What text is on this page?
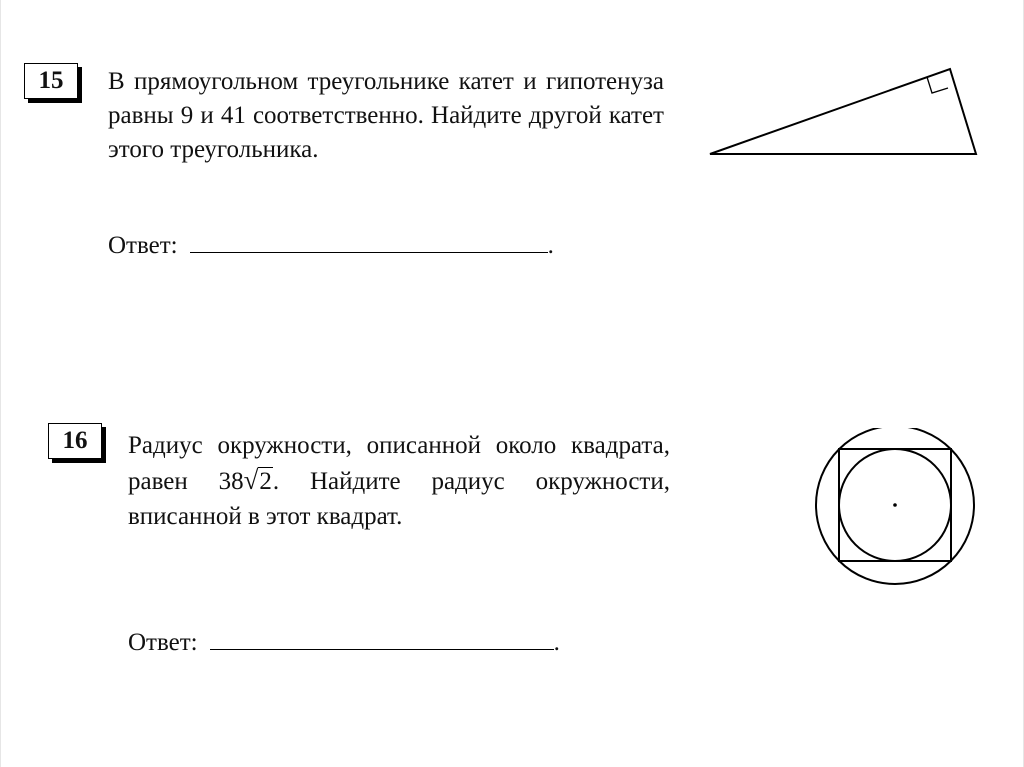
15	В прямоугольном треугольнике катет и гипотенуза равны 9 и 41 соответственно. Найдите другой катет этого треугольника.
Ответ:	.
16	Радиус окружности, описанной около квадрата, равен 38√2. Найдите радиус окружности, вписанной в этот квадрат.
Ответ:	.
